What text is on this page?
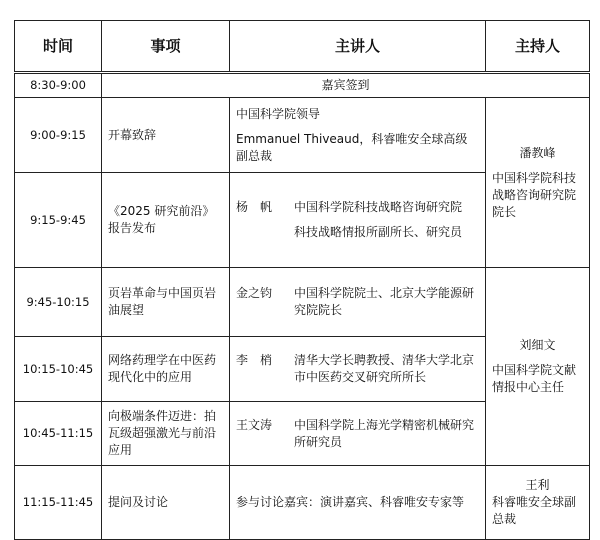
时间	事项	主讲人	主持人
8:30-9:00	嘉宾签到		
9:00-9:15	开幕致辞	中国科学院领导
Emmanuel Thiveaud，科睿唯安全球高级副总裁	潘教峰
中国科学院科技战略咨询研究院院长

9:15-9:45	《2025 研究前沿》报告发布	杨　帆 中国科学院科技战略咨询研究院
科技战略情报所副所长、研究员	

9:45-10:15	页岩革命与中国页岩油展望	金之钧 中国科学院院士、北京大学能源研究院院长	刘细文
中国科学院文献情报中心主任

10:15-10:45	网络药理学在中医药现代化中的应用	李　梢 清华大学长聘教授、清华大学北京市中医药交叉研究所所长	

10:45-11:15	向极端条件迈进：拍瓦级超强激光与前沿应用	王文涛 中国科学院上海光学精密机械研究所研究员	

11:15-11:45	提问及讨论	参与讨论嘉宾：演讲嘉宾、科睿唯安专家等	王利
科睿唯安全球副总裁
